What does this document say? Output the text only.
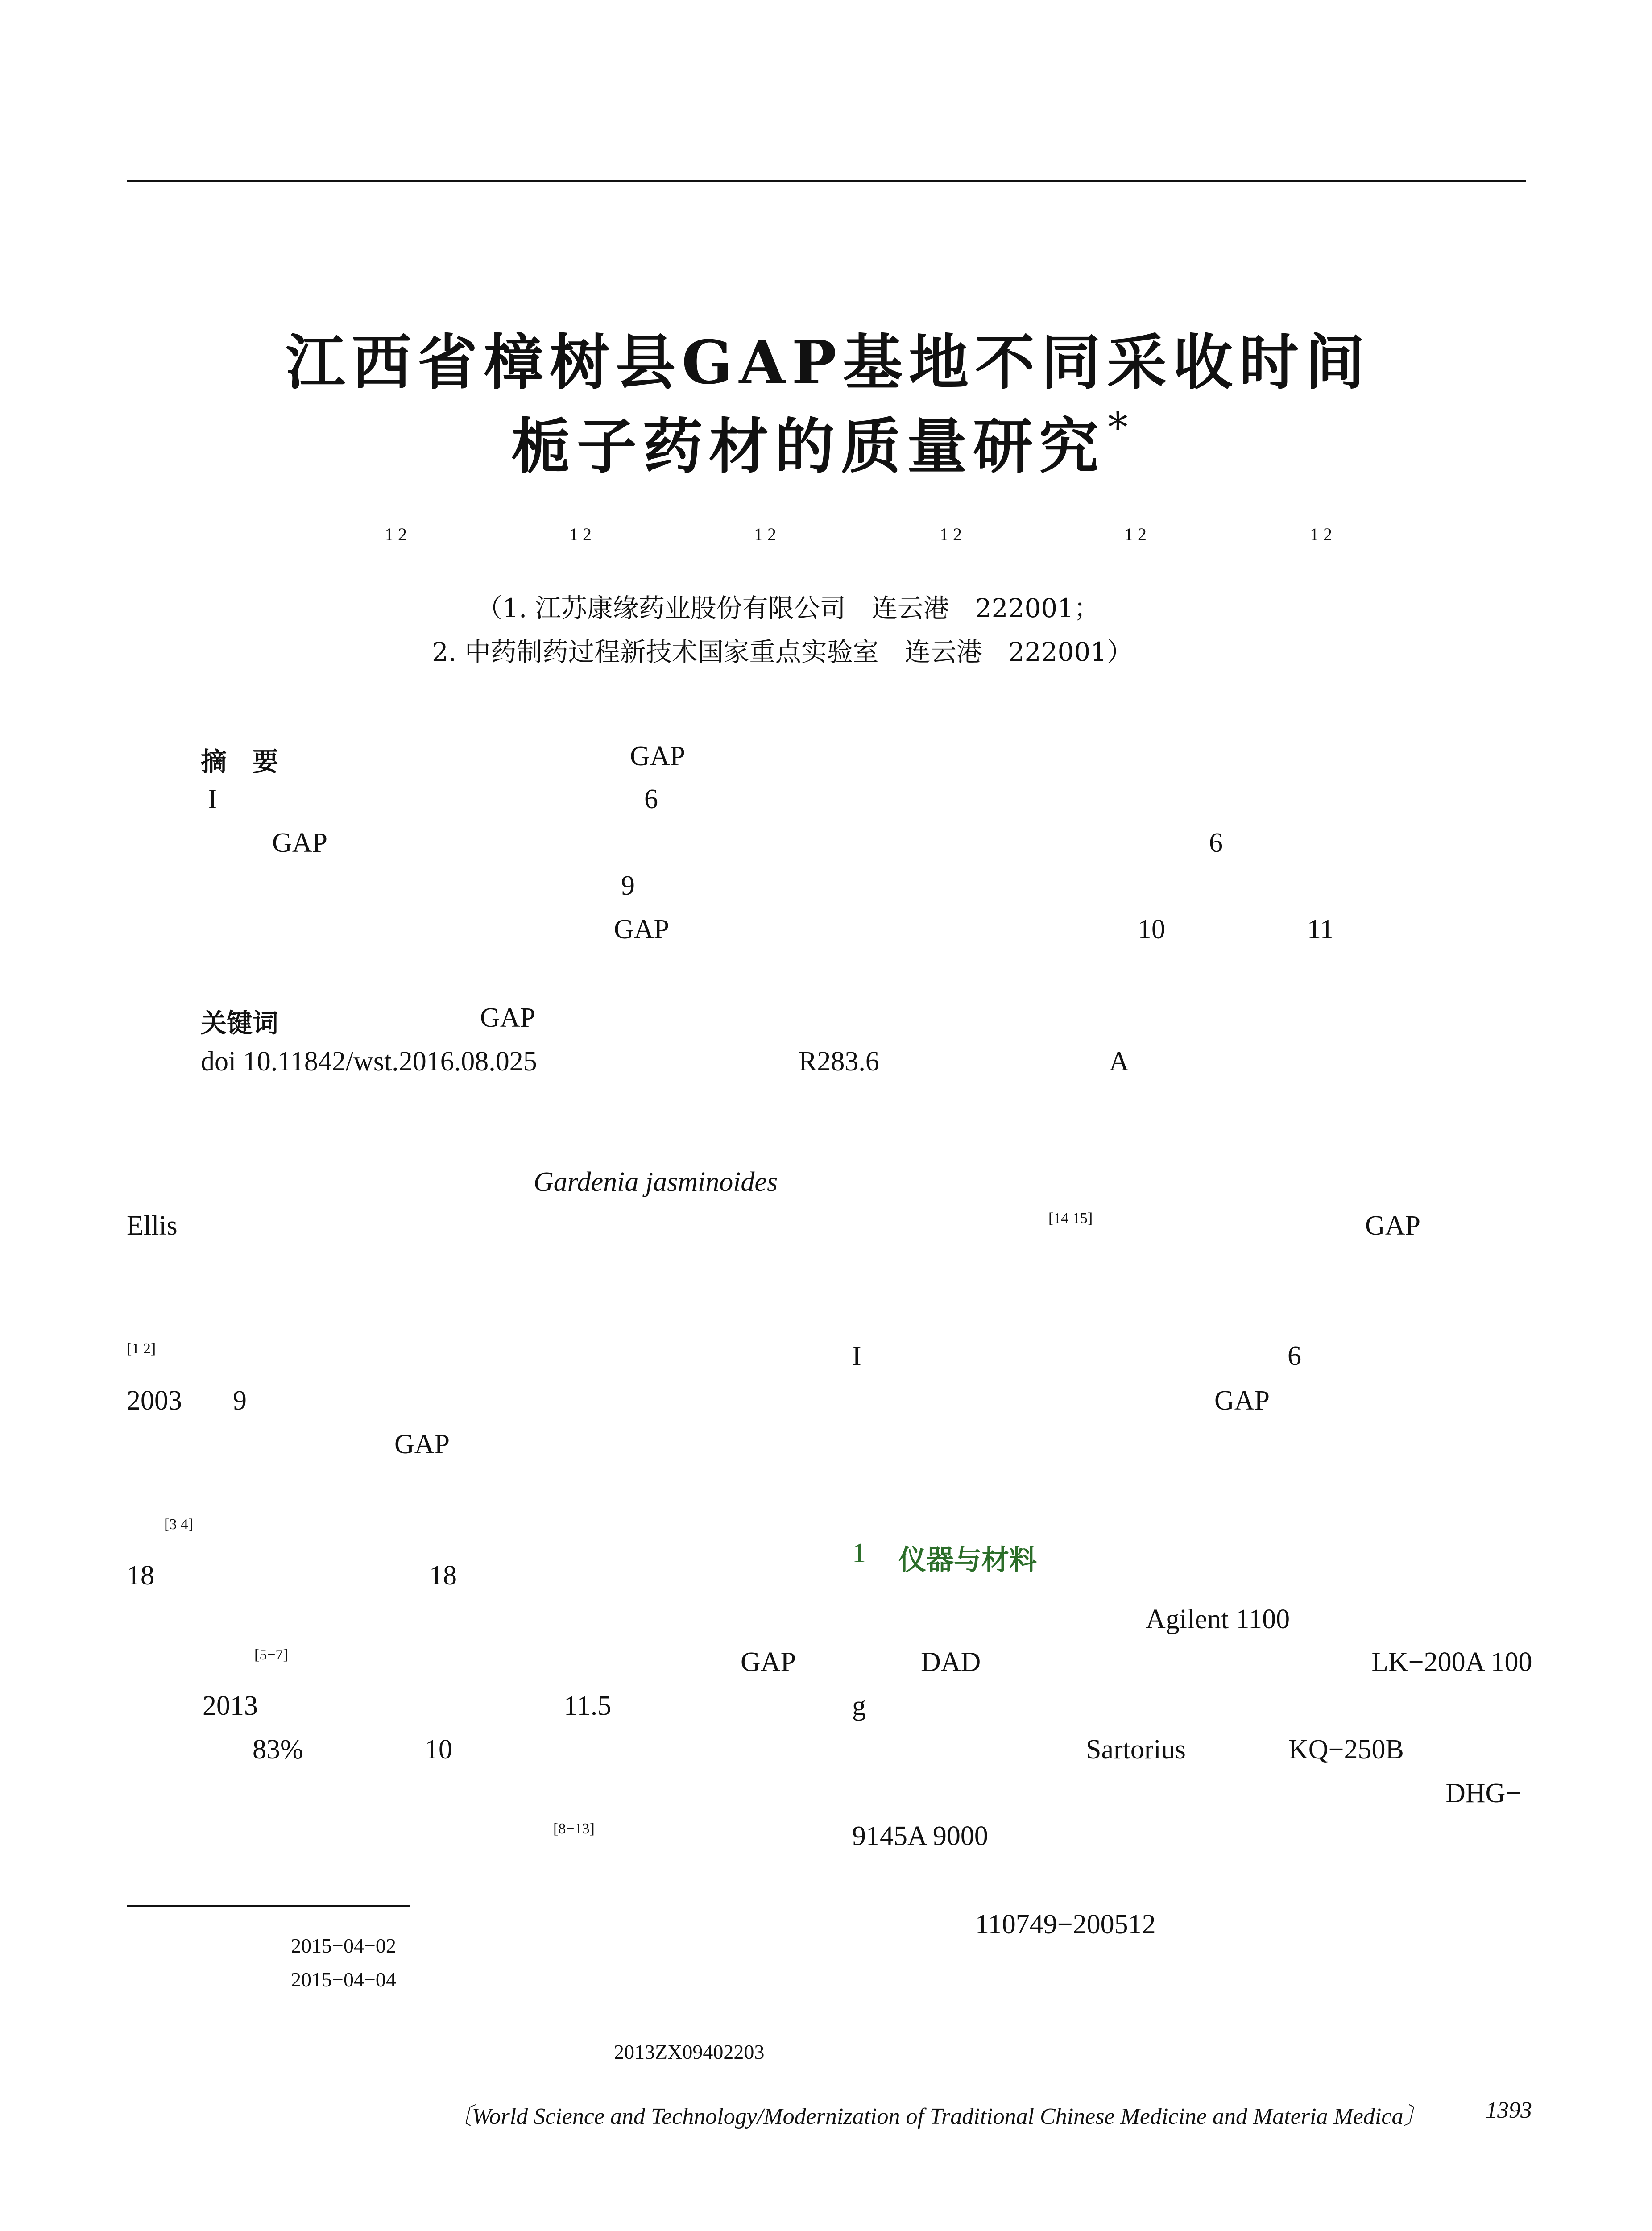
江西省樟树县GAP基地不同采收时间
栀子药材的质量研究*
1 2	1 2	1 2	1 2	1 2	1 2
（1. 江苏康缘药业股份有限公司　连云港　222001；
2. 中药制药过程新技术国家重点实验室　连云港　222001）
摘　要	GAP
I	6
GAP	6
9
GAP	10	11
关键词	GAP
doi 10.11842/wst.2016.08.025	R283.6	A
Gardenia jasminoides
Ellis
[1 2]
2003 9
GAP
[3 4]
18	18
[5−7]	GAP
2013	11.5
83%	10
[8−13]
[14 15]	GAP
I	6
GAP
1 仪器与材料
Agilent 1100
DAD	LK−200A 100
g
Sartorius	KQ−250B
DHG−
9145A 9000
110749−200512
2015−04−02
2015−04−04
2013ZX09402203
〔World Science and Technology/Modernization of Traditional Chinese Medicine and Materia Medica〕	1393
